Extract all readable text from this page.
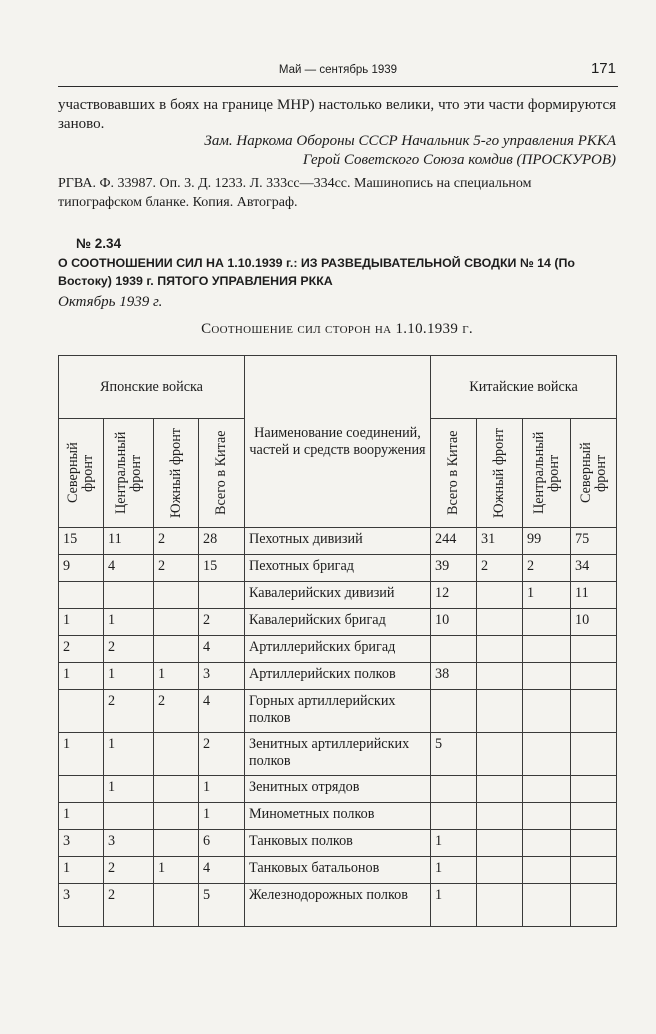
Май — сентябрь 1939	171
участвовавших в боях на границе МНР) настолько велики, что эти части формируются заново.
Зам. Наркома Обороны СССР Начальник 5-го управления РККА
Герой Советского Союза комдив (ПРОСКУРОВ)
РГВА. Ф. 33987. Оп. 3. Д. 1233. Л. 333сс—334сс. Машинопись на специальном типографском бланке. Копия. Автограф.
№ 2.34
О СООТНОШЕНИИ СИЛ НА 1.10.1939 г.: ИЗ РАЗВЕДЫВАТЕЛЬНОЙ СВОДКИ № 14 (По Востоку) 1939 г. ПЯТОГО УПРАВЛЕНИЯ РККА
Октябрь 1939 г.
Соотношение сил сторон на 1.10.1939 г.
Японские войска				Наименование соединений, частей и средств вооружения	Китайские войска			

Северный фронт	Центральный фронт	Южный фронт	Всего в Китае		Всего в Китае	Южный фронт	Центральный фронт	Северный фронт

15	11	2	28	Пехотных дивизий	244	31	99	75
9	4	2	15	Пехотных бригад	39	2	2	34
				Кавалерийских дивизий	12		1	11
1	1		2	Кавалерийских бригад	10			10
2	2		4	Артиллерийских бригад				
1	1	1	3	Артиллерийских полков	38			
	2	2	4	Горных артиллерийских полков				
1	1		2	Зенитных артиллерийских полков	5			
	1		1	Зенитных отрядов				
1			1	Минометных полков				
3	3		6	Танковых полков	1			
1	2	1	4	Танковых батальонов	1			
3	2		5	Железнодорожных полков	1			
